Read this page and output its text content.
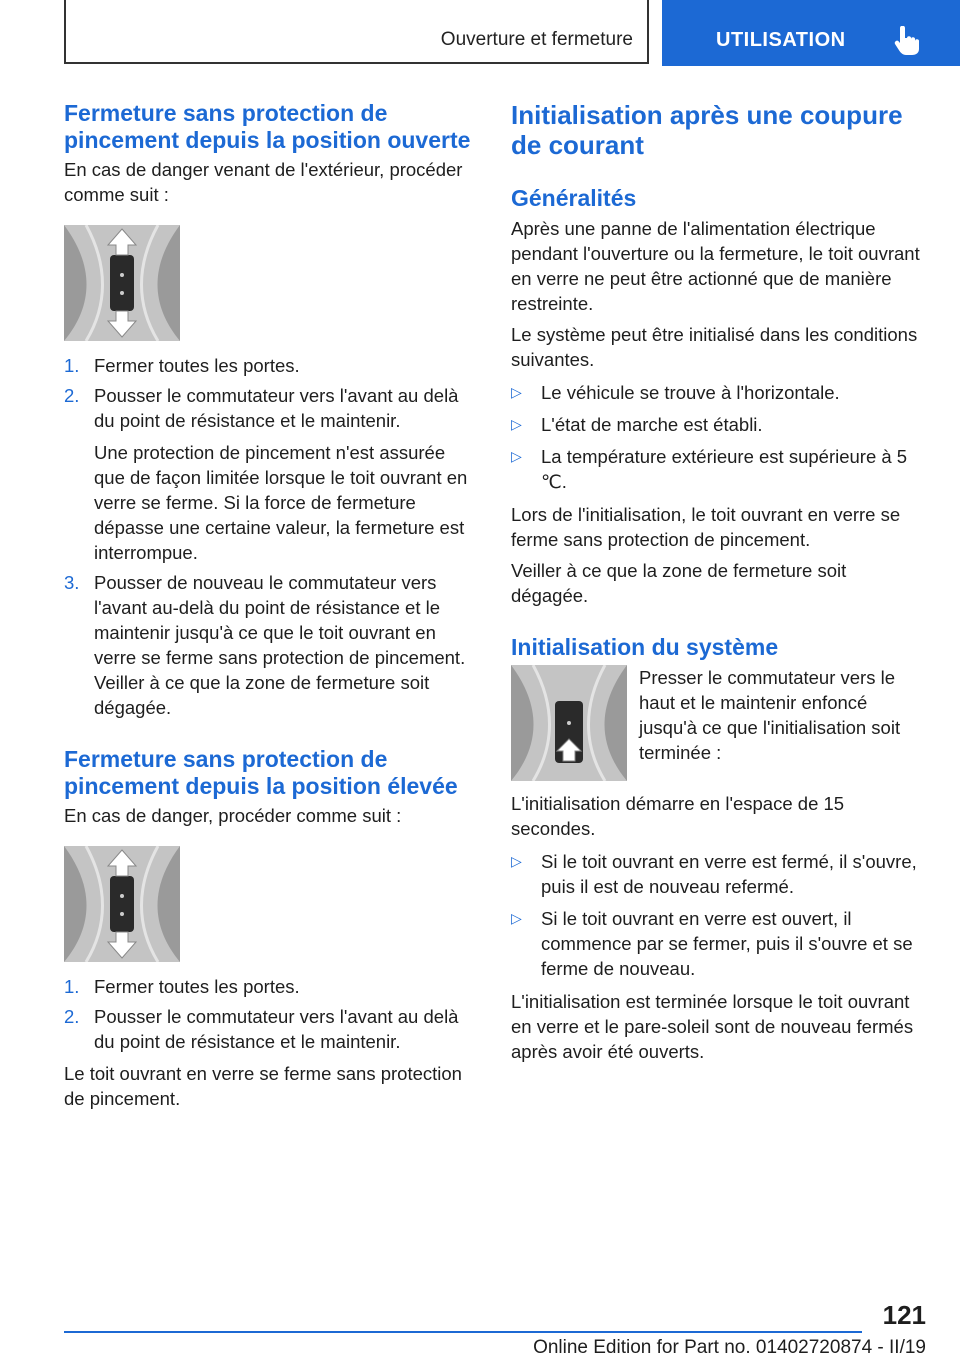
Ouverture et fermeture	UTILISATION
Fermeture sans protection de pincement depuis la position ouverte

En cas de danger venant de l'extérieur, procéder comme suit :

1. Fermer toutes les portes.
2. Pousser le commutateur vers l'avant au delà du point de résistance et le maintenir.
Une protection de pincement n'est assurée que de façon limitée lorsque le toit ouvrant en verre se ferme. Si la force de fermeture dépasse une certaine valeur, la fermeture est interrompue.
3. Pousser de nouveau le commutateur vers l'avant au-delà du point de résistance et le maintenir jusqu'à ce que le toit ouvrant en verre se ferme sans protection de pincement. Veiller à ce que la zone de fermeture soit dégagée.
Fermeture sans protection de pincement depuis la position élevée

En cas de danger, procéder comme suit :

1. Fermer toutes les portes.
2. Pousser le commutateur vers l'avant au delà du point de résistance et le maintenir.

Le toit ouvrant en verre se ferme sans protection de pincement.

Initialisation après une coupure de courant
Généralités

Après une panne de l'alimentation électrique pendant l'ouverture ou la fermeture, le toit ouvrant en verre ne peut être actionné que de manière restreinte.

Le système peut être initialisé dans les conditions suivantes.

▷ Le véhicule se trouve à l'horizontale.
▷ L'état de marche est établi.
▷ La température extérieure est supérieure à 5 ℃.

Lors de l'initialisation, le toit ouvrant en verre se ferme sans protection de pincement.

Veiller à ce que la zone de fermeture soit dégagée.

Initialisation du système
Presser le commutateur vers le haut et le maintenir enfoncé jusqu'à ce que l'initialisation soit terminée :

L'initialisation démarre en l'espace de 15 secondes.

▷ Si le toit ouvrant en verre est fermé, il s'ouvre, puis il est de nouveau refermé.
▷ Si le toit ouvrant en verre est ouvert, il commence par se fermer, puis il s'ouvre et se ferme de nouveau.

L'initialisation est terminée lorsque le toit ouvrant en verre et le pare-soleil sont de nouveau fermés après avoir été ouverts.

121
Online Edition for Part no. 01402720874 - II/19
